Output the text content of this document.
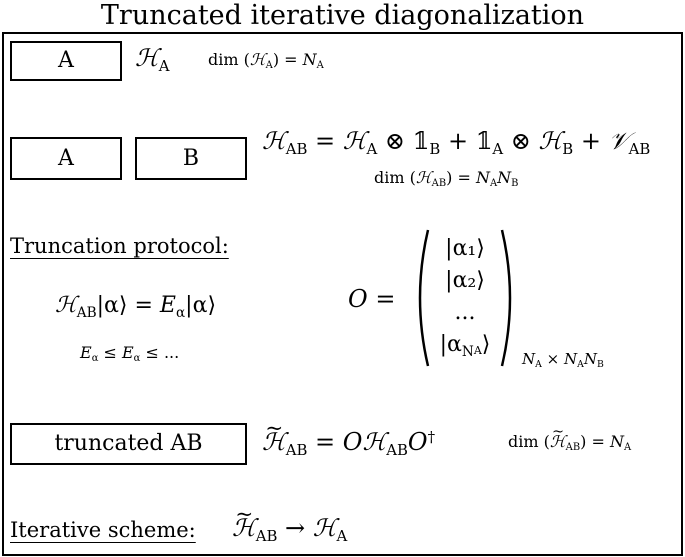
Truncated iterative diagonalization
A	ℋ$_A$ dim (ℋ$_A$) = $N_A$
A	B
ℋ$_{AB}$ = ℋ$_A$ ⊗ $𝟙_B$ + $𝟙_A$ ⊗ ℋ$_B$ + 𝒱$_{AB}$
dim (ℋ$_{AB}$) = $N_AN_B$
Truncation protocol:
ℋ$_{AB}$|α⟩ = $E_\alpha|\alpha⟩$
$E_\alpha \le E_\alpha$ ≤ ...
O =
|α₁⟩
|α₂⟩
...
$|\alpha_NA⟩$
$N_A \times N_AN_B$
truncated AB	~ ℋ$_{AB}$ = Oℋ$_{AB}$O†	dim (~ ℋ$_{AB}$) = $N_A$
Iterative scheme: ~ ℋ$_{AB}$ → ℋ$_A$
